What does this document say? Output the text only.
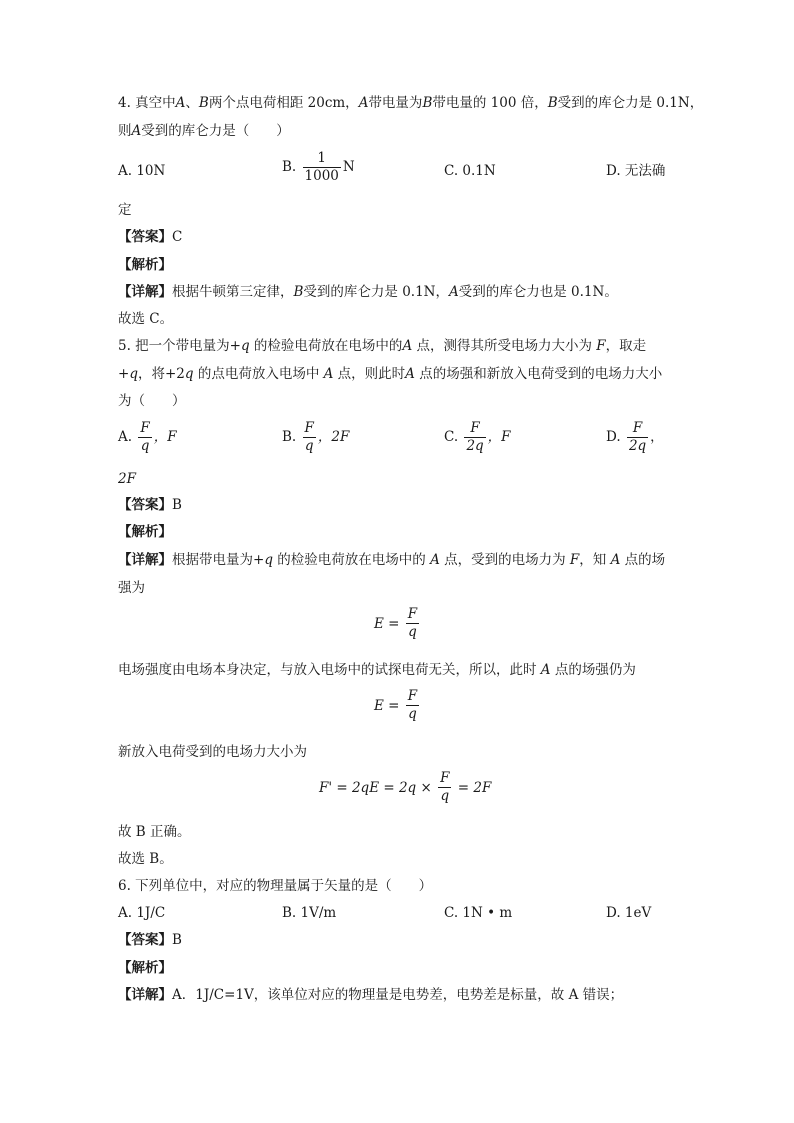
4. 真空中A、B两个点电荷相距 20cm，A带电量为B带电量的 100 倍，B受到的库仑力是 0.1N，
则A受到的库仑力是（　　）
A. 10N	B. $\frac{1}{1000}$ N	C. 0.1N	D. 无法确
定
【答案】C
【解析】
【详解】根据牛顿第三定律，B受到的库仑力是 0.1N，A受到的库仑力也是 0.1N。
故选 C。
5. 把一个带电量为+q 的检验电荷放在电场中的A 点，测得其所受电场力大小为 F，取走
+q，将+2q 的点电荷放入电场中 A 点，则此时A 点的场强和新放入电荷受到的电场力大小
为（　　）
A. $\frac{F}{q}$ ，F	B. $\frac{F}{q}$ ，2F	C. $\frac{F}{2q}$ ，F	D. $\frac{F}{2q}$ ，
2F
【答案】B
【解析】
【详解】根据带电量为+q 的检验电荷放在电场中的 A 点，受到的电场力为 F，知 A 点的场
强为
$E = \frac{F}{q}$
电场强度由电场本身决定，与放入电场中的试探电荷无关，所以，此时 A 点的场强仍为
$E = \frac{F}{q}$
新放入电荷受到的电场力大小为
$F' = 2qE = 2q \times \frac{F}{q} = 2F$
故 B 正确。
故选 B。
6. 下列单位中，对应的物理量属于矢量的是（　　）
A. 1J/C	B. 1V/m	C. 1N • m	D. 1eV
【答案】B
【解析】
【详解】A．1J/C=1V，该单位对应的物理量是电势差，电势差是标量，故 A 错误；
